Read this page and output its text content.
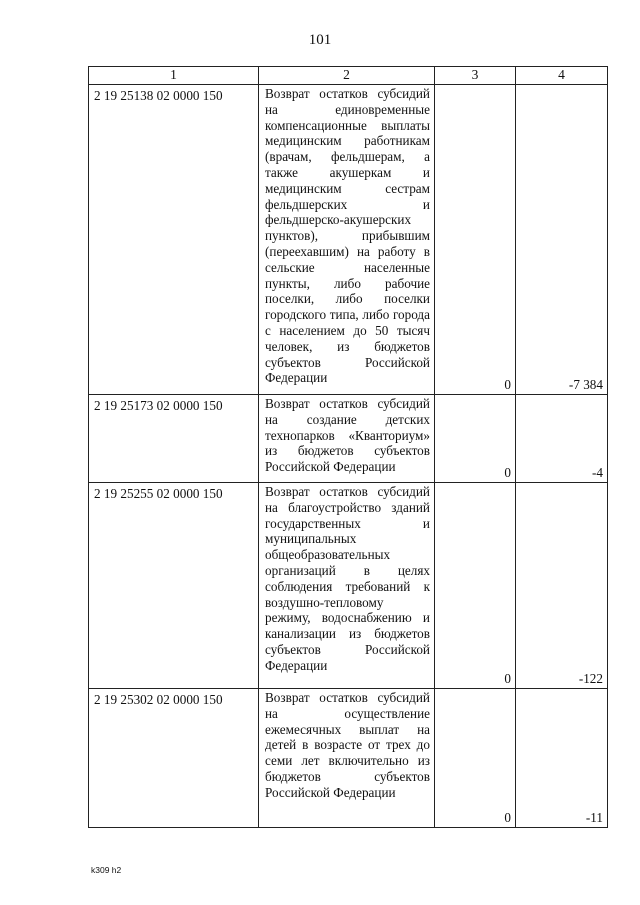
101
1	2	3	4
2 19 25138 02 0000 150	Возврат остатков субсидий на единовременные компенсационные выплаты медицинским работникам (врачам, фельдшерам, а также акушеркам и медицинским сестрам фельдшерских и фельдшерско-акушерских пунктов), прибывшим (переехавшим) на работу в сельские населенные пункты, либо рабочие поселки, либо поселки городского типа, либо города с населением до 50 тысяч человек, из бюджетов субъектов Российской Федерации	0	-7 384
2 19 25173 02 0000 150	Возврат остатков субсидий на создание детских технопарков «Кванториум» из бюджетов субъектов Российской Федерации	0	-4
2 19 25255 02 0000 150	Возврат остатков субсидий на благоустройство зданий государственных и муниципальных общеобразовательных организаций в целях соблюдения требований к воздушно-тепловому режиму, водоснабжению и канализации из бюджетов субъектов Российской Федерации	0	-122
2 19 25302 02 0000 150	Возврат остатков субсидий на осуществление ежемесячных выплат на детей в возрасте от трех до семи лет включительно из бюджетов субъектов Российской Федерации	0	-11
k309 h2
